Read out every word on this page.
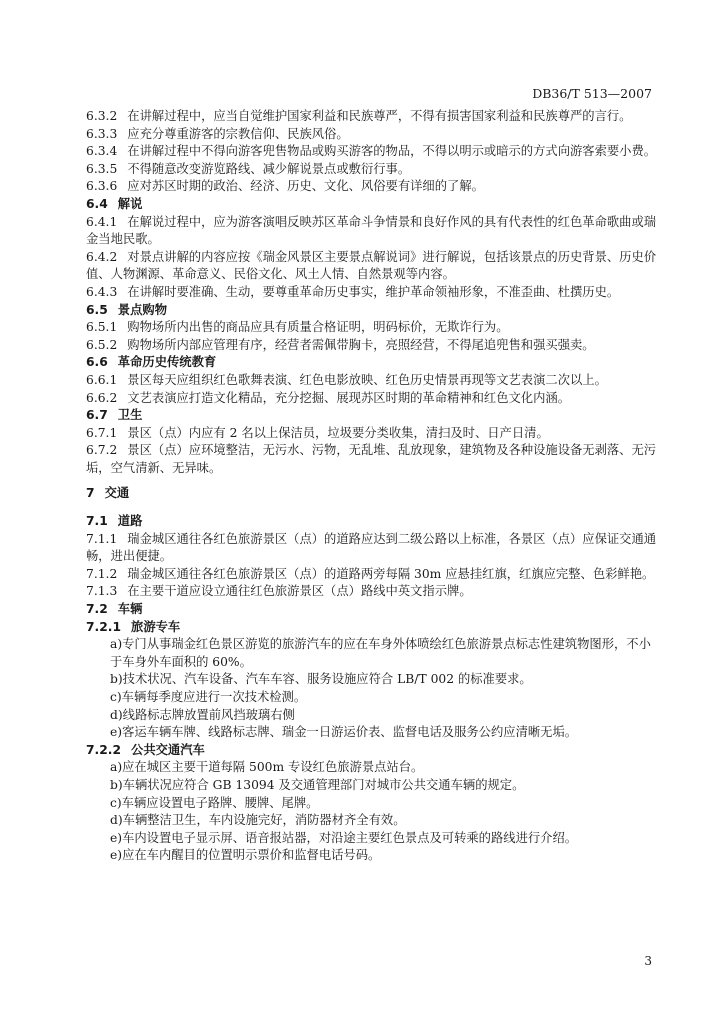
DB36/T 513—2007

6.3.2 在讲解过程中，应当自觉维护国家利益和民族尊严，不得有损害国家利益和民族尊严的言行。

6.3.3 应充分尊重游客的宗教信仰、民族风俗。

6.3.4 在讲解过程中不得向游客兜售物品或购买游客的物品，不得以明示或暗示的方式向游客索要小费。

6.3.5 不得随意改变游览路线、减少解说景点或敷衍行事。

6.3.6 应对苏区时期的政治、经济、历史、文化、风俗要有详细的了解。

6.4 解说

6.4.1 在解说过程中，应为游客演唱反映苏区革命斗争情景和良好作风的具有代表性的红色革命歌曲或瑞金当地民歌。

6.4.2 对景点讲解的内容应按《瑞金风景区主要景点解说词》进行解说，包括该景点的历史背景、历史价值、人物渊源、革命意义、民俗文化、风土人情、自然景观等内容。

6.4.3 在讲解时要准确、生动，要尊重革命历史事实，维护革命领袖形象，不准歪曲、杜撰历史。

6.5 景点购物

6.5.1 购物场所内出售的商品应具有质量合格证明，明码标价，无欺诈行为。

6.5.2 购物场所内部应管理有序，经营者需佩带胸卡，亮照经营，不得尾追兜售和强买强卖。

6.6 革命历史传统教育

6.6.1 景区每天应组织红色歌舞表演、红色电影放映、红色历史情景再现等文艺表演二次以上。

6.6.2 文艺表演应打造文化精品，充分挖掘、展现苏区时期的革命精神和红色文化内涵。

6.7 卫生

6.7.1 景区（点）内应有 2 名以上保洁员，垃圾要分类收集，清扫及时、日产日清。

6.7.2 景区（点）应环境整洁，无污水、污物，无乱堆、乱放现象，建筑物及各种设施设备无剥落、无污垢，空气清新、无异味。

7 交通

7.1 道路

7.1.1 瑞金城区通往各红色旅游景区（点）的道路应达到二级公路以上标准，各景区（点）应保证交通通畅，进出便捷。

7.1.2 瑞金城区通往各红色旅游景区（点）的道路两旁每隔 30m 应悬挂红旗，红旗应完整、色彩鲜艳。

7.1.3 在主要干道应设立通往红色旅游景区（点）路线中英文指示牌。

7.2 车辆

7.2.1 旅游专车

a)专门从事瑞金红色景区游览的旅游汽车的应在车身外体喷绘红色旅游景点标志性建筑物图形，不小于车身外车面积的 60%。

b)技术状况、汽车设备、汽车车容、服务设施应符合 LB/T 002 的标准要求。

c)车辆每季度应进行一次技术检测。

d)线路标志牌放置前风挡玻璃右侧

e)客运车辆车牌、线路标志牌、瑞金一日游运价表、监督电话及服务公约应清晰无垢。

7.2.2 公共交通汽车

a)应在城区主要干道每隔 500m 专设红色旅游景点站台。

b)车辆状况应符合 GB 13094 及交通管理部门对城市公共交通车辆的规定。

c)车辆应设置电子路牌、腰牌、尾牌。

d)车辆整洁卫生，车内设施完好，消防器材齐全有效。

e)车内设置电子显示屏、语音报站器，对沿途主要红色景点及可转乘的路线进行介绍。

e)应在车内醒目的位置明示票价和监督电话号码。

3
